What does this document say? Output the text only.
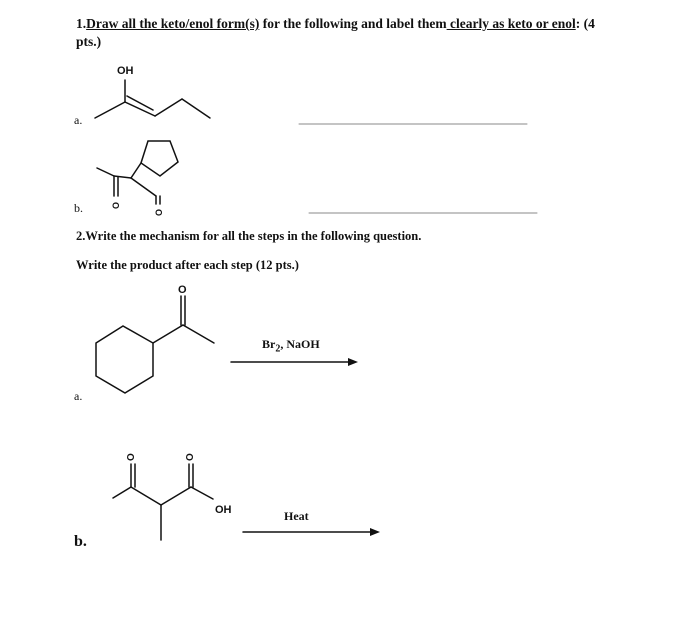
1.Draw all the keto/enol form(s) for the following and label them clearly as keto or enol: (4
pts.)
a.
b.
2.Write the mechanism for all the steps in the following question.
Write the product after each step (12 pts.)
a.
b.
$Br_2$, NaOH
Heat
OH
O
O
O
O	O
OH
